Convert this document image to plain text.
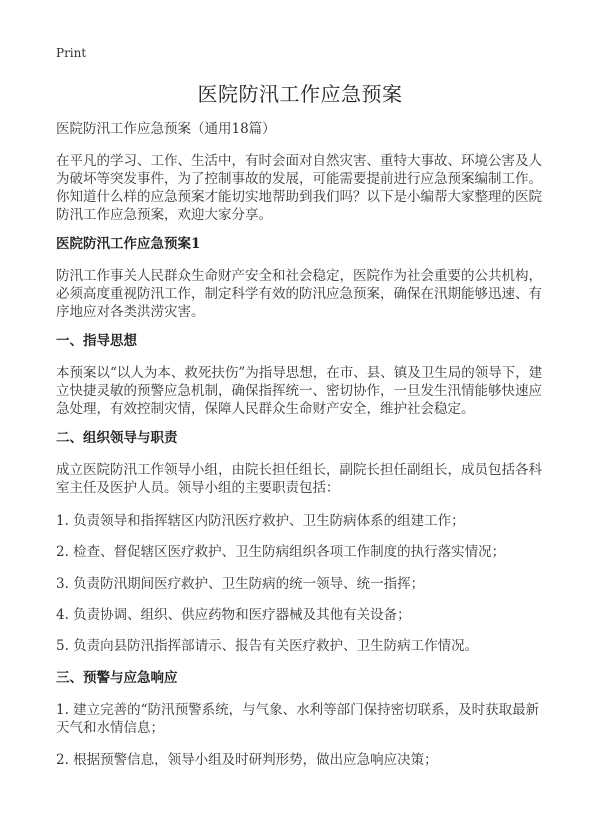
Print
医院防汛工作应急预案
医院防汛工作应急预案（通用18篇）
在平凡的学习、工作、生活中，有时会面对自然灾害、重特大事故、环境公害及人为破坏等突发事件，为了控制事故的发展，可能需要提前进行应急预案编制工作。你知道什么样的应急预案才能切实地帮助到我们吗？以下是小编帮大家整理的医院防汛工作应急预案，欢迎大家分享。
医院防汛工作应急预案1
防汛工作事关人民群众生命财产安全和社会稳定，医院作为社会重要的公共机构，必须高度重视防汛工作，制定科学有效的防汛应急预案，确保在汛期能够迅速、有序地应对各类洪涝灾害。
一、指导思想
本预案以“以人为本、救死扶伤”为指导思想，在市、县、镇及卫生局的领导下，建立快捷灵敏的预警应急机制，确保指挥统一、密切协作，一旦发生汛情能够快速应急处理，有效控制灾情，保障人民群众生命财产安全，维护社会稳定。
二、组织领导与职责
成立医院防汛工作领导小组，由院长担任组长，副院长担任副组长，成员包括各科室主任及医护人员。领导小组的主要职责包括：
1. 负责领导和指挥辖区内防汛医疗救护、卫生防病体系的组建工作；
2. 检查、督促辖区医疗救护、卫生防病组织各项工作制度的执行落实情况；
3. 负责防汛期间医疗救护、卫生防病的统一领导、统一指挥；
4. 负责协调、组织、供应药物和医疗器械及其他有关设备；
5. 负责向县防汛指挥部请示、报告有关医疗救护、卫生防病工作情况。
三、预警与应急响应
1. 建立完善的“防汛预警系统，与气象、水利等部门保持密切联系，及时获取最新天气和水情信息；
2. 根据预警信息，领导小组及时研判形势，做出应急响应决策；
